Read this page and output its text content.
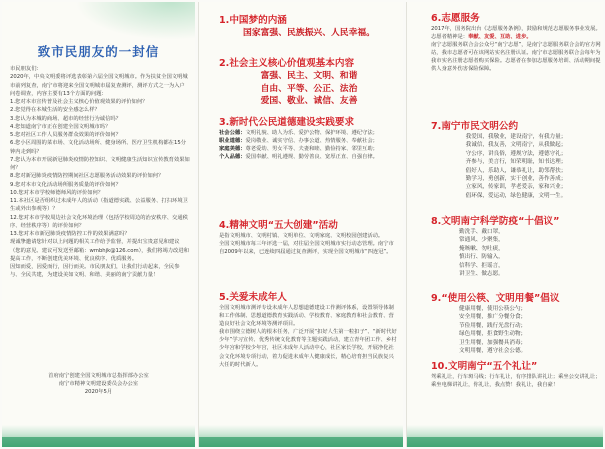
致市民朋友的一封信

市民朋友们：

2020年，中央文明委将评选表彰第六届全国文明城市。作为扶贫全国文明城市前列复查，南宁市将迎来全国文明城市届复查测评，测评方式之一为入户问卷调查，内容主要有13个方面的问题：

1.您对本市宣传普及社会主义核心价值观效果的评价如何？

2.您觉得在本城生活的安全感怎么样？

3.您认为本城的商场、超市的经营行为诚信吗？

4.您知道南宁市正在创建全国文明城市吗？

5.您对社区工作人员服务群众效果的评价如何？

6.您小区周围的菜市场、文化活动场所、健身场所、医疗卫生机构都在15分钟内走到吗？

7.您认为本市开展新冠肺炎疫情防控知识、文明健康生活知识宣传教育效果如何？

8.您对新冠肺炎疫情防控期间社区志愿服务活动效果的评价如何？

9.您对本市文化活动场所服务质量的评价如何？

10.您对本市学校师德师风的评价如何？

11.本社区是否组织过未成年人的活动（指道德实践、公益服务、打扫环境卫生或外出参观等）？

12.您对本市学校周边社会文化环境治理（包括学校周边的治安秩序、交通秩序、经营秩序等）的评价如何？

13.您对本市新冠肺炎疫情防控工作的效果满意吗？

现诚挚邀请您针对以上问题的相关工作给予监督，并提出宝贵意见和建议（您的意见、建议可发送至邮箱：wmbhjk@126.com），我们将竭力改进和提高工作，不断创建优美环境、优良秩序、优质服务。

因知而爱，因爱而行，因行而美。市民朋友们，让我们行动起来，全民参与、全民共建，为建设美如文明、和谐、美丽的南宁贡献力量！

首府南宁创建全国文明城市总指挥部办公室
南宁市精神文明建设委员会办公室
2020年5月
1.中国梦的内涵
国家富强、民族振兴、人民幸福。
2.社会主义核心价值观基本内容
富强、民主、文明、和谐
自由、平等、公正、法治
爱国、敬业、诚信、友善
3.新时代公民道德建设实践要求
社会公德： 文明礼貌、助人为乐、爱护公物、保护环境、遵纪守法；
职业道德： 爱岗敬业、诚实守信、办事公道、热情服务、奉献社会；
家庭美德： 尊老爱幼、男女平等、夫妻和睦、勤俭持家、邻里互助；
个人品德： 爱国奉献、明礼遵规、勤劳善良、宽厚正直、自强自律。
4.精神文明“五大创建”活动
是指文明城市、文明村镇、文明单位、文明家庭、文明校园创建活动。
全国文明城市每三年评选一届，对往届全国文明城市实行动态管理。南宁市自2009年以来，已连续四届通过复查测评，实现全国文明城市“四连冠”。
5.关爱未成年人
全国文明城市测评专设未成年人思想道德建设工作测评体系，设置领导体制和工作体制、思想道德教育实践活动、学校教育、家庭教育和社会教育、营造良好社会文化环境等测评项目。
我市围绕立德树人的根本任务，广泛开展“扣好人生第一粒扣子”、“新时代好少年”学习宣传、优秀传统文化教育等主题实践活动，建立青年团工作、乡村少年宫和学校少年宫，社区未成年人活动中心，社区家长学校，开展净化社会文化环境专项行动，着力促进未成年人健康成长，精心培育担当民族复兴大任的时代新人。
6.志愿服务
2017年，国务院出台《志愿服务条例》，鼓励和规范志愿服务事业发展。
志愿者精神是：奉献、友爱、互助、进步。
南宁志愿服务联合会公众号“南宁志愿”，是南宁志愿服务联合会的官方网站，我市志愿者可在该网站实名注册认证。南宁市志愿服务联合会每年为我市实名注册志愿者购买保险。志愿者在参加志愿服务培训、活动期间提供人身意外伤害保险保障。
7.南宁市民文明公约
我爱国，我敬业，建设南宁，有我力量；
我诚信，我友善，文明南宁，从我做起；
守公序，讲良俗，遵规守法，遵德守礼；
齐参与，美言行，知荣明耻，知书达理；
倡好人，乐助人，谦恭礼让，助邻帮扶；
勤学习，勇创新，实干创业，善作善成；
立家风，传家训，孝老爱亲，家和兴业；
倡环保，爱运动，绿色健康，文明一生。
8.文明南宁科学防疫“十倡议”
勤洗手、戴口罩，
常通风、少聚集，
掩咳嗽、勿吐痰，
慎出行、防输入，
信科学、拒谣言，
讲卫生、做志愿。
9.“使用公筷、文明用餐”倡议
健康用餐，使用公筷公勺；
安全用餐，推广分餐分食；
节俭用餐，践行光盘行动；
绿色用餐，拒食野生动物；
卫生用餐，加强餐具消毒；
文明用餐，遵守社会公德。
10.文明南宁“五个礼让”
驾乘礼让，行车斑马线；行车礼让，有序排队讲礼让；乘坐公交讲礼让；乘坐电梯讲礼让，你礼让，我点赞！我礼让，我自豪！
